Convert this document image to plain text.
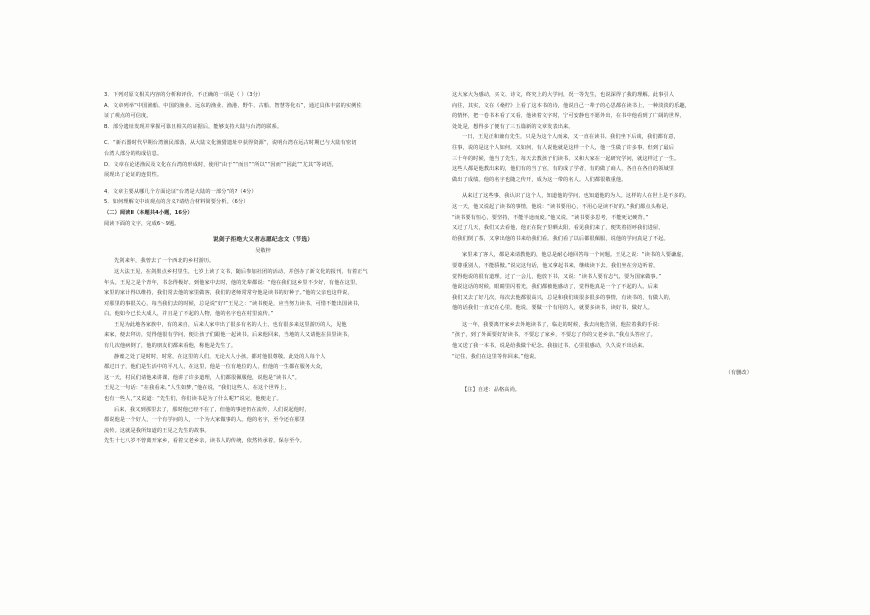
3．下列对原文相关内容的分析和评价，不正确的一项是（ ）（3分）

A．文章列举“中国渔船、中国的渔业、远东的渔业、渔港、野牛、古船、智慧等化石”，通过具体丰富的实例佐

证了观点的可信度。

B．部分遗址发现并掌握可靠且相关的证据后，能够支持大陆与台湾的联系。

C．“新石器时代早期台湾渔民部落，从大陆文化渔猎遗址中获得资源”，说明台湾在远古时期已与大陆有密切

台湾人部分的构成信息。

D．文章在论述渔民及文化在台湾的形成时，使用“由于”“而且”“所以”“因而”“因此”“尤其”等词语，

展现出了论证的连贯性。

4．文章主要从哪几个方面论证“台湾是大陆的一部分”的?（4分）

5．如何理解文中该观点的含义?请结合材料简要分析。（6分）

（二）阅读Ⅱ（本题共4小题，16分）

阅读下面的文字，完成6～9题。

说剑子拒绝大义者志愿纪念文（节选）

吴敬梓

先剑来年，我曾去了一个西北的乡村游历。

这大法王见，在剑墨点乡村里生，七岁上读了文书，随后参加社团的活动，并创办了新文化的报刊，有着正气

年头。王见之是个青年，书念得极好。到他家中去时，他的先辈都说：“他在我们这乡里不少好，有他在这里，

家里的家计得以维持，我们常去他的家里做客，我们的老师常常夸他是读书的好种子。”他的父亲也这样说，

对那里的事很关心，每当我们去的时候，总是说“好!”王见之：“读书便是，应当努力读书，可惜不能出国读书，

白。他如今已长大成人，并且是了不起的人物，他的名字也在村里流传。”

王见为此地各家族中，有的来自，后来人家中出了很多有名的人士，也有很多来这里游历的人，见他

来家，便去拜访，觉得他很有学问，便让孩子们跟他一起读书。后来他回来，当地的人又请他在县里读书，

有几次他病倒了，他的朋友们都来看他，称他是先生了。

静谧之处了是时时，时常，在这里的人们，无论大人小孩，都对他很尊敬。此处的人每个人

都过日子，他们是生活中的平凡人，在这里，他是一位有地位的人，但他的一生都在服务大众，

这一天，村民们请他来讲课，他讲了许多道理，人们都很佩服他，说他是“读书人”。

王见之一句话：“在我看来，”人生如梦，”他在说，“我们这些人，在这个世界上，

也有一些人，”又说道：“先生们，你们读书是为了什么呢?”说完，他便走了。

后来，我又到那里去了，那时他已经不在了，但他的事迹仍在流传，人们说起他时，

都说他是一个好人，一个有学问的人，一个为大家做事的人。他的名字，至今还在那里

流传。这就是我所知道的王见之先生的故事。

先生十七八岁不曾离开家乡，看着父老乡亲，读书人的传统，依然传承着，保存至今。

这大家大为感动，买文、诗文，终究上的大学问，况一等先生，也说深得了我的理解。此事引人

向往，其实，文在《桑柠》上看了这本书的诗，他说自己一辈子的心思都在读书上，一种淡淡的乐趣，

的情怀，把一卷书本看了又看，他读着文字时，宁可安静也不愿外出，在书中他看到了广阔的世界，

处处是，想得多了便有了三五篇新的文章发表出来。

一日，王见正和兼有先生，只是为这个人而来，又一直在读书。我们坐下后谈，我们都有意，

往事，说的是这个人如何，又如何，有人说他就是这样一个人，他一生做了许多事，但到了最后

三十年的时候，他当了先生，每天去教孩子们读书，又和大家在一起研究学问，就这样过了一生。

这些人都是他教出来的，他们有的当了官，有的成了学者，有的做了商人，各自在各自的领域里

做出了成绩。他的名字也随之传开，成为这一带的名人。人们都很敬重他。

从来过了这些事，我认识了这个人，知道他的学问，也知道他的为人。这样的人在世上是不多的。

这一天，他又说起了读书的事情，他说：“读书要用心，不用心是读不好的。”我们都点头称是，

“读书要有恒心，要坚持，不能半途而废。”他又说，“读书要多思考，不能死记硬背。”

又过了几天，我们又去看他，他正在院子里晒太阳，看见我们来了，便笑着招呼我们进屋，

给我们倒了茶，又拿出他的书来给我们看。我们看了以后都很佩服，说他的学问真是了不起。

家里来了客人，都是来请教他的，他总是耐心地回答每一个问题。王见之说：“读书的人要谦虚，

要尊重别人，不能骄傲。”说完这句话，他又拿起书来，继续读下去。我们坐在旁边听着，

觉得他说的很有道理。过了一会儿，他放下书，又说：“读书人要有志气，要为国家做事。”

他说这话的时候，眼睛里闪着光，我们都被他感动了，觉得他真是一个了不起的人。后来

我们又去了好几次，每次去他都很高兴，总是和我们谈很多很多的事情，有读书的，有做人的，

他的话我们一直记在心里。他说，要做一个有用的人，就要多读书，读好书，做好人。

这一年，我要离开家乡去外地读书了，临走的时候，我去向他告别，他拉着我的手说：

“孩子，到了外面要好好读书，不要忘了家乡，不要忘了你的父老乡亲。”我点头答应了。

他又送了我一本书，说是给我做个纪念。我接过书，心里很感动，久久说不出话来。

“记住，我们在这里等你回来。”他说。

（有删改）

【注】自述：品格高尚。
